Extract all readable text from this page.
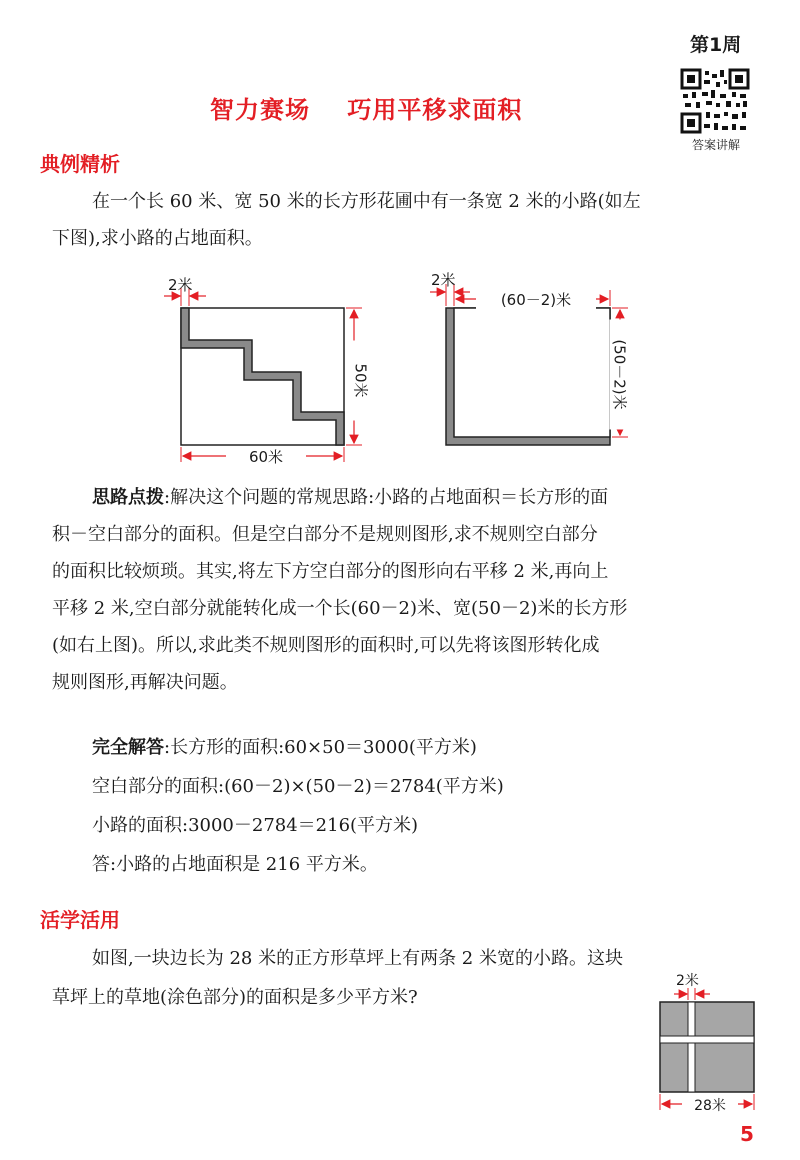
第1周
答案讲解
智力赛场 巧用平移求面积
典例精析
在一个长 60 米、宽 50 米的长方形花圃中有一条宽 2 米的小路(如左
下图),求小路的占地面积。
2米
60米
50米
2米
(60－2)米
(50－2)米
思路点拨:解决这个问题的常规思路:小路的占地面积＝长方形的面
积－空白部分的面积。但是空白部分不是规则图形,求不规则空白部分
的面积比较烦琐。其实,将左下方空白部分的图形向右平移 2 米,再向上
平移 2 米,空白部分就能转化成一个长(60－2)米、宽(50－2)米的长方形
(如右上图)。所以,求此类不规则图形的面积时,可以先将该图形转化成
规则图形,再解决问题。
完全解答:长方形的面积:60×50＝3000(平方米)
空白部分的面积:(60－2)×(50－2)＝2784(平方米)
小路的面积:3000－2784＝216(平方米)
答:小路的占地面积是 216 平方米。
活学活用
如图,一块边长为 28 米的正方形草坪上有两条 2 米宽的小路。这块
草坪上的草地(涂色部分)的面积是多少平方米?
2米
28米
5
